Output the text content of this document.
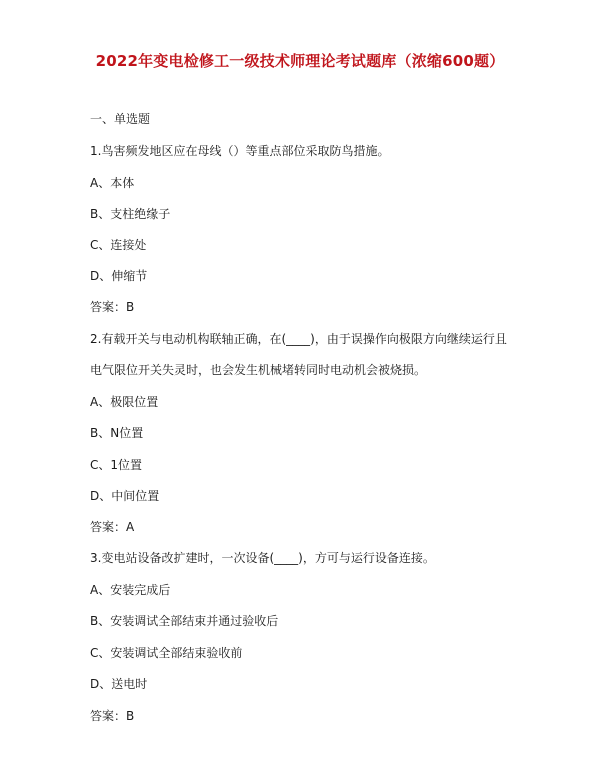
2022年变电检修工一级技术师理论考试题库（浓缩600题）
一、单选题
1.鸟害频发地区应在母线（）等重点部位采取防鸟措施。
A、本体
B、支柱绝缘子
C、连接处
D、伸缩节
答案：B
2.有载开关与电动机构联轴正确，在(____)，由于误操作向极限方向继续运行且
电气限位开关失灵时，也会发生机械堵转同时电动机会被烧损。
A、极限位置
B、N位置
C、1位置
D、中间位置
答案：A
3.变电站设备改扩建时，一次设备(____)，方可与运行设备连接。
A、安装完成后
B、安装调试全部结束并通过验收后
C、安装调试全部结束验收前
D、送电时
答案：B
